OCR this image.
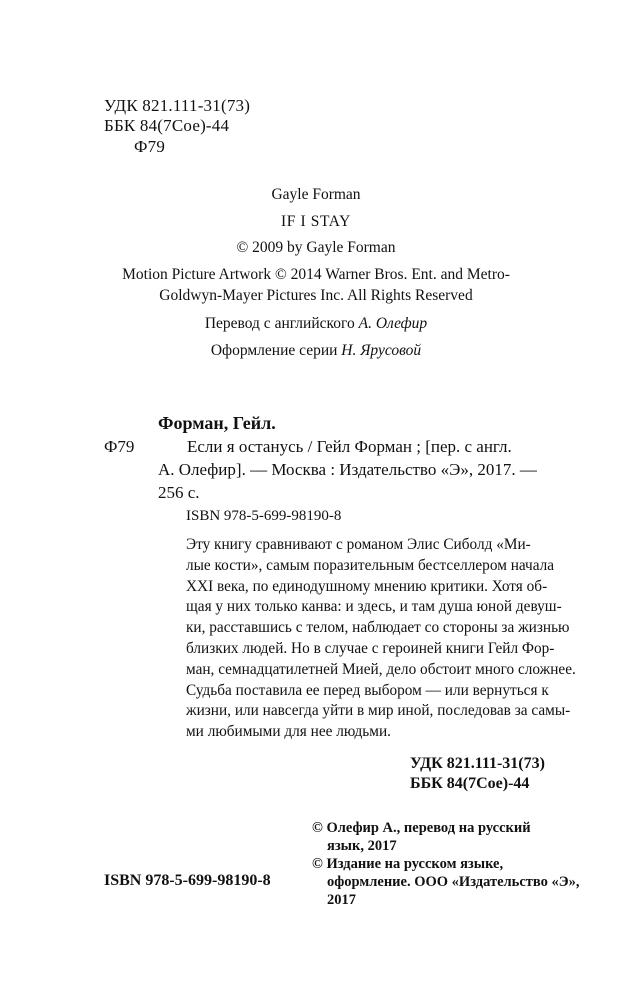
УДК 821.111-31(73)
ББК 84(7Сое)-44
Ф79
Gayle Forman
IF I STAY
© 2009 by Gayle Forman
Motion Picture Artwork © 2014 Warner Bros. Ent. and Metro-
Goldwyn-Mayer Pictures Inc. All Rights Reserved
Перевод с английского А. Олефир
Оформление серии Н. Ярусовой
Форман, Гейл.
Ф79	Если я останусь / Гейл Форман ; [пер. с англ.
А. Олефир]. — Москва : Издательство «Э», 2017. —
256 с.
ISBN 978-5-699-98190-8
Эту книгу сравнивают с романом Элис Сиболд «Ми-
лые кости», самым поразительным бестселлером начала
XXI века, по единодушному мнению критики. Хотя об-
щая у них только канва: и здесь, и там душа юной девуш-
ки, расставшись с телом, наблюдает со стороны за жизнью
близких людей. Но в случае с героиней книги Гейл Фор-
ман, семнадцатилетней Мией, дело обстоит много сложнее.
Судьба поставила ее перед выбором — или вернуться к
жизни, или навсегда уйти в мир иной, последовав за самы-
ми любимыми для нее людьми.
УДК 821.111-31(73)
ББК 84(7Сое)-44
© Олефир А., перевод на русский
язык, 2017
© Издание на русском языке,
оформление. ООО «Издательство «Э»,
2017
ISBN 978-5-699-98190-8
